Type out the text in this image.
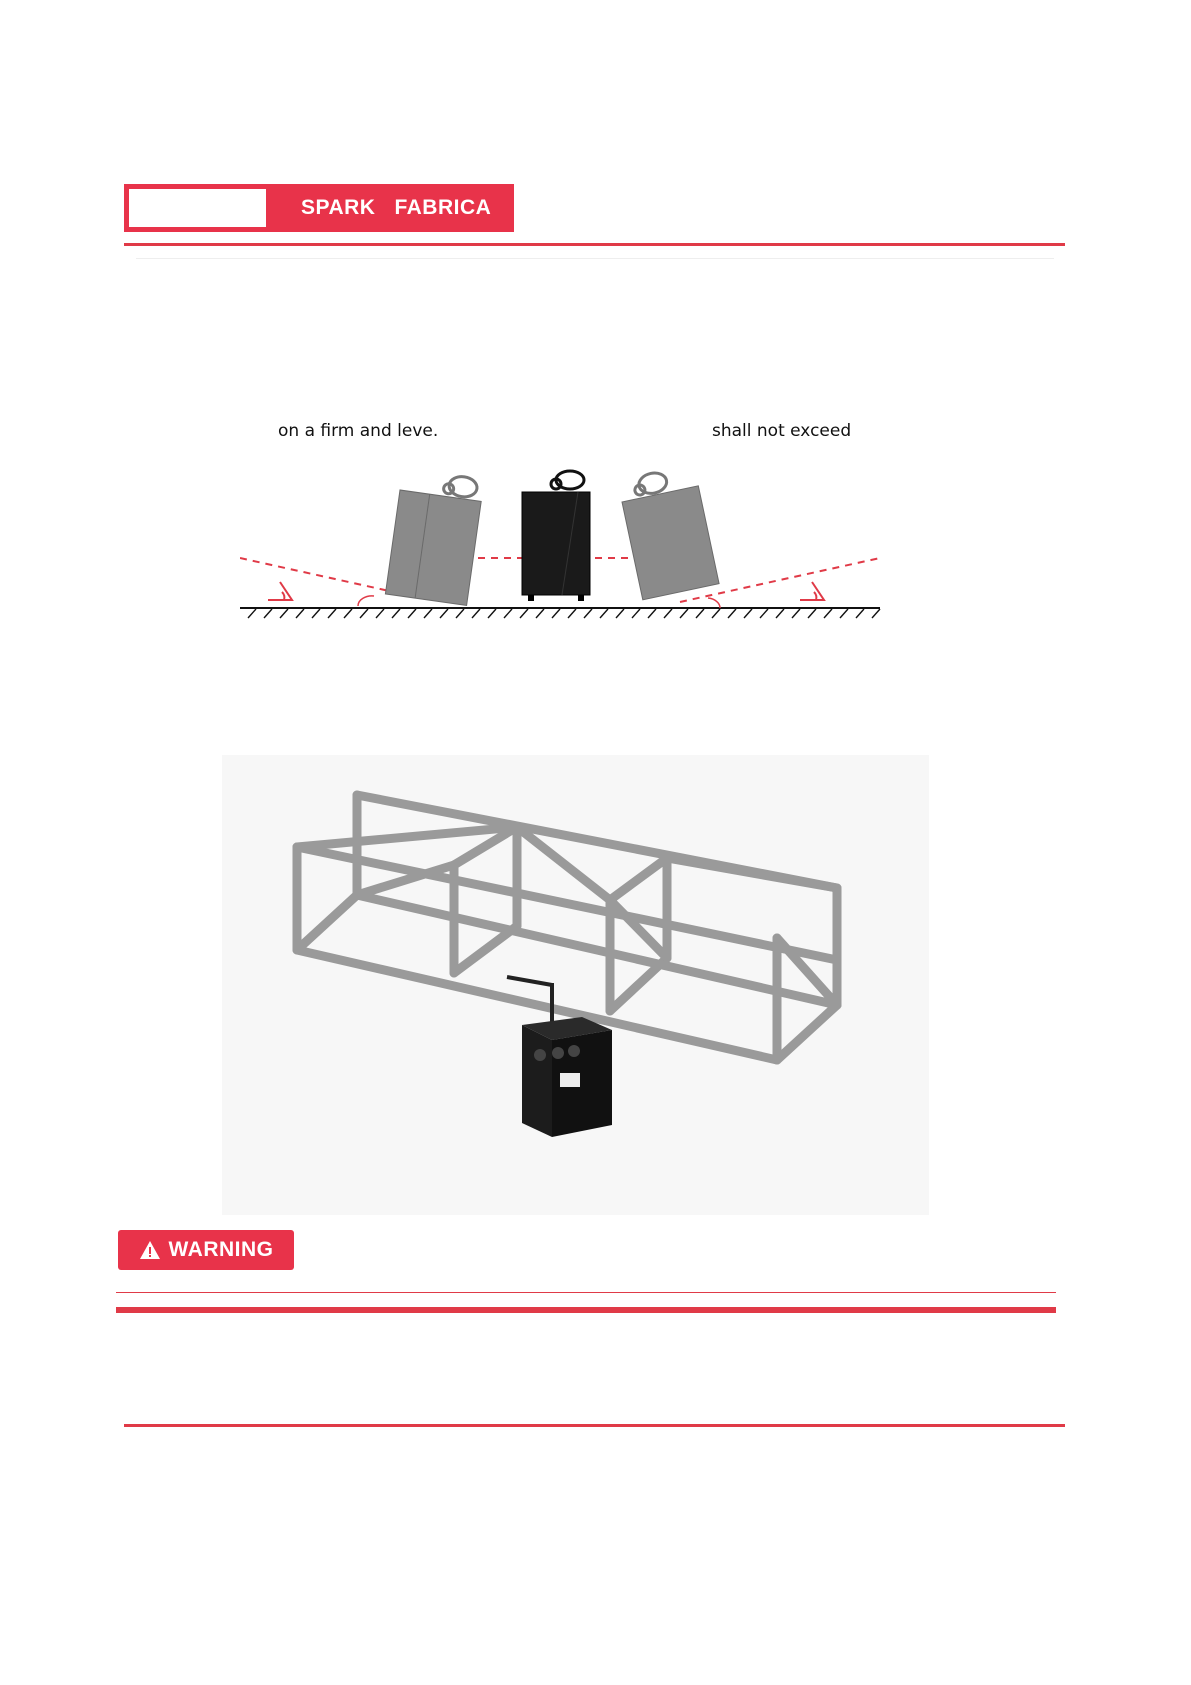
SPARK   FABRICA
on a firm and leve.	shall not exceed
WARNING
